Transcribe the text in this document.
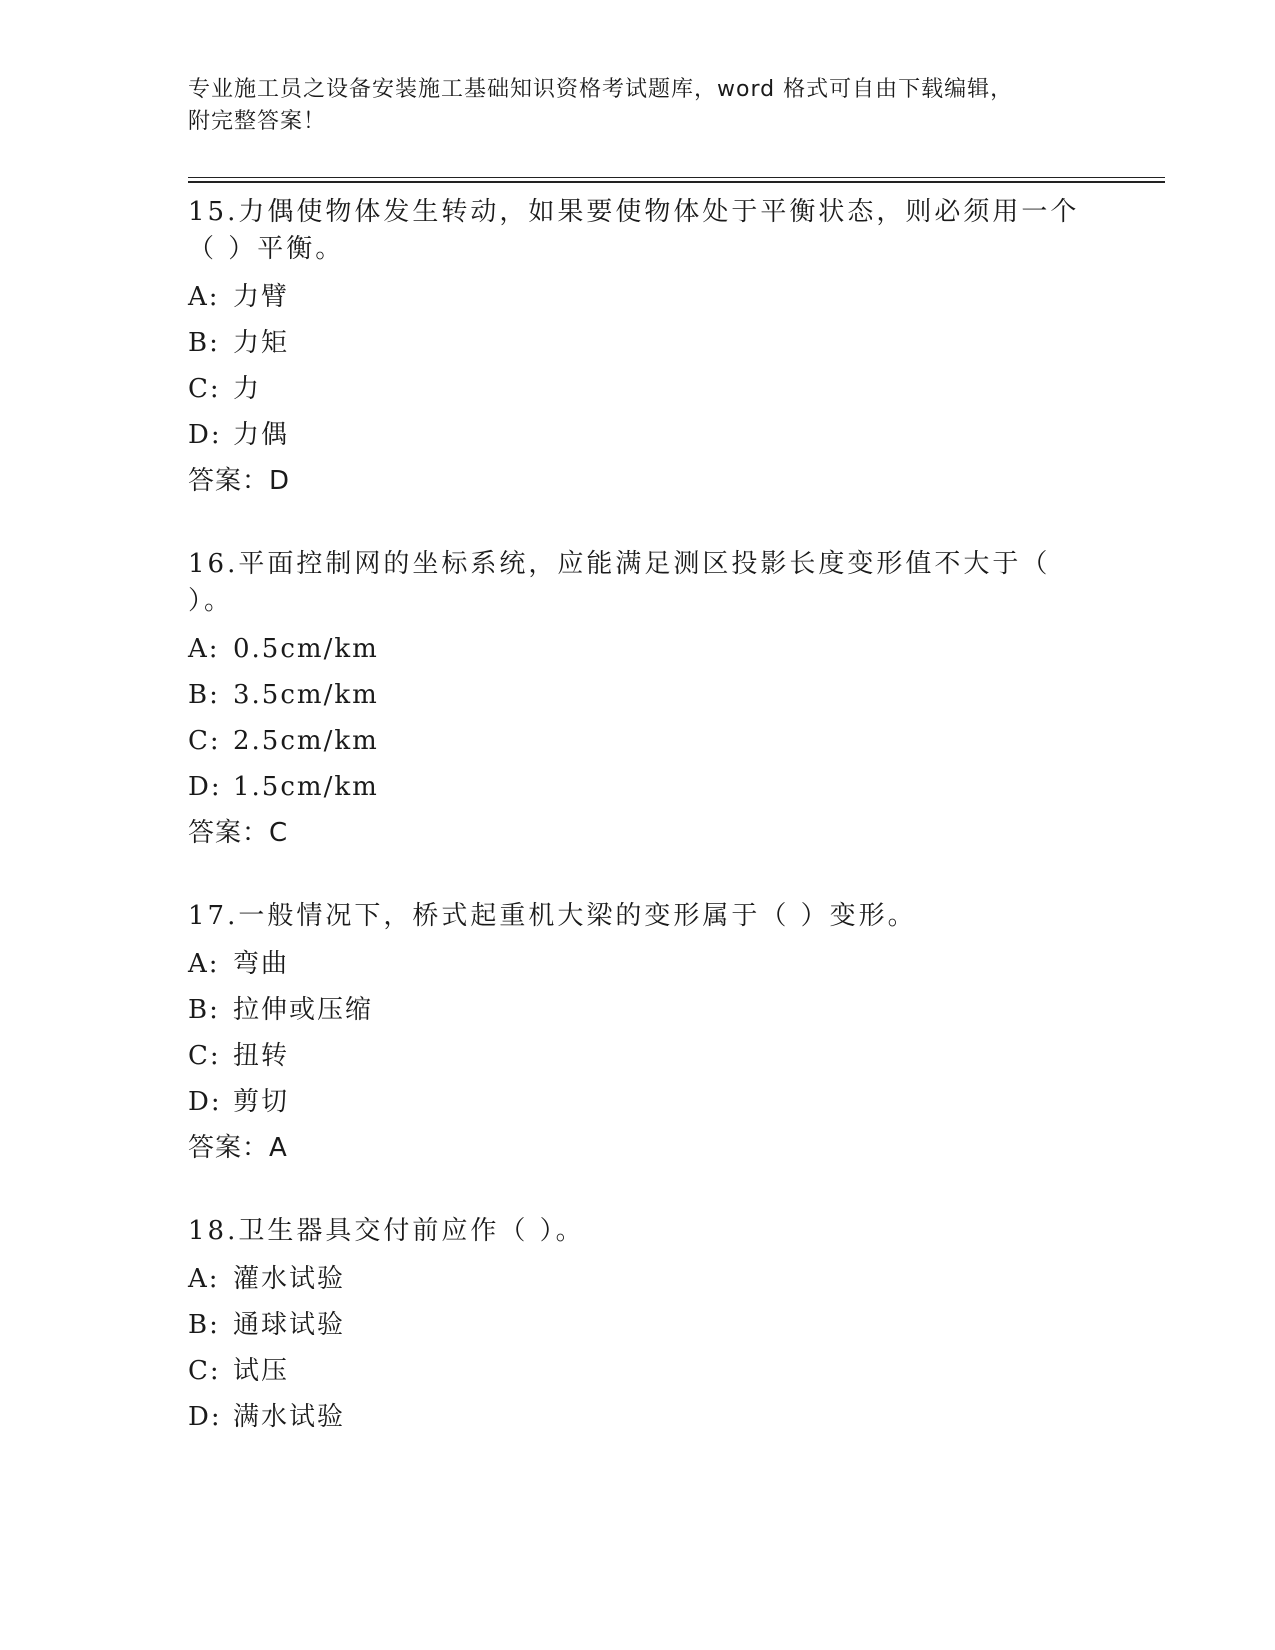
专业施工员之设备安装施工基础知识资格考试题库，word 格式可自由下载编辑，
附完整答案！
15.力偶使物体发生转动，如果要使物体处于平衡状态，则必须用一个（ ）平衡。
A: 力臂
B: 力矩
C: 力
D: 力偶
答案：D
16.平面控制网的坐标系统，应能满足测区投影长度变形值不大于（ ）。
A: 0.5cm/km
B: 3.5cm/km
C: 2.5cm/km
D: 1.5cm/km
答案：C
17.一般情况下，桥式起重机大梁的变形属于（ ）变形。
A: 弯曲
B: 拉伸或压缩
C: 扭转
D: 剪切
答案：A
18.卫生器具交付前应作（ ）。
A: 灌水试验
B: 通球试验
C: 试压
D: 满水试验
